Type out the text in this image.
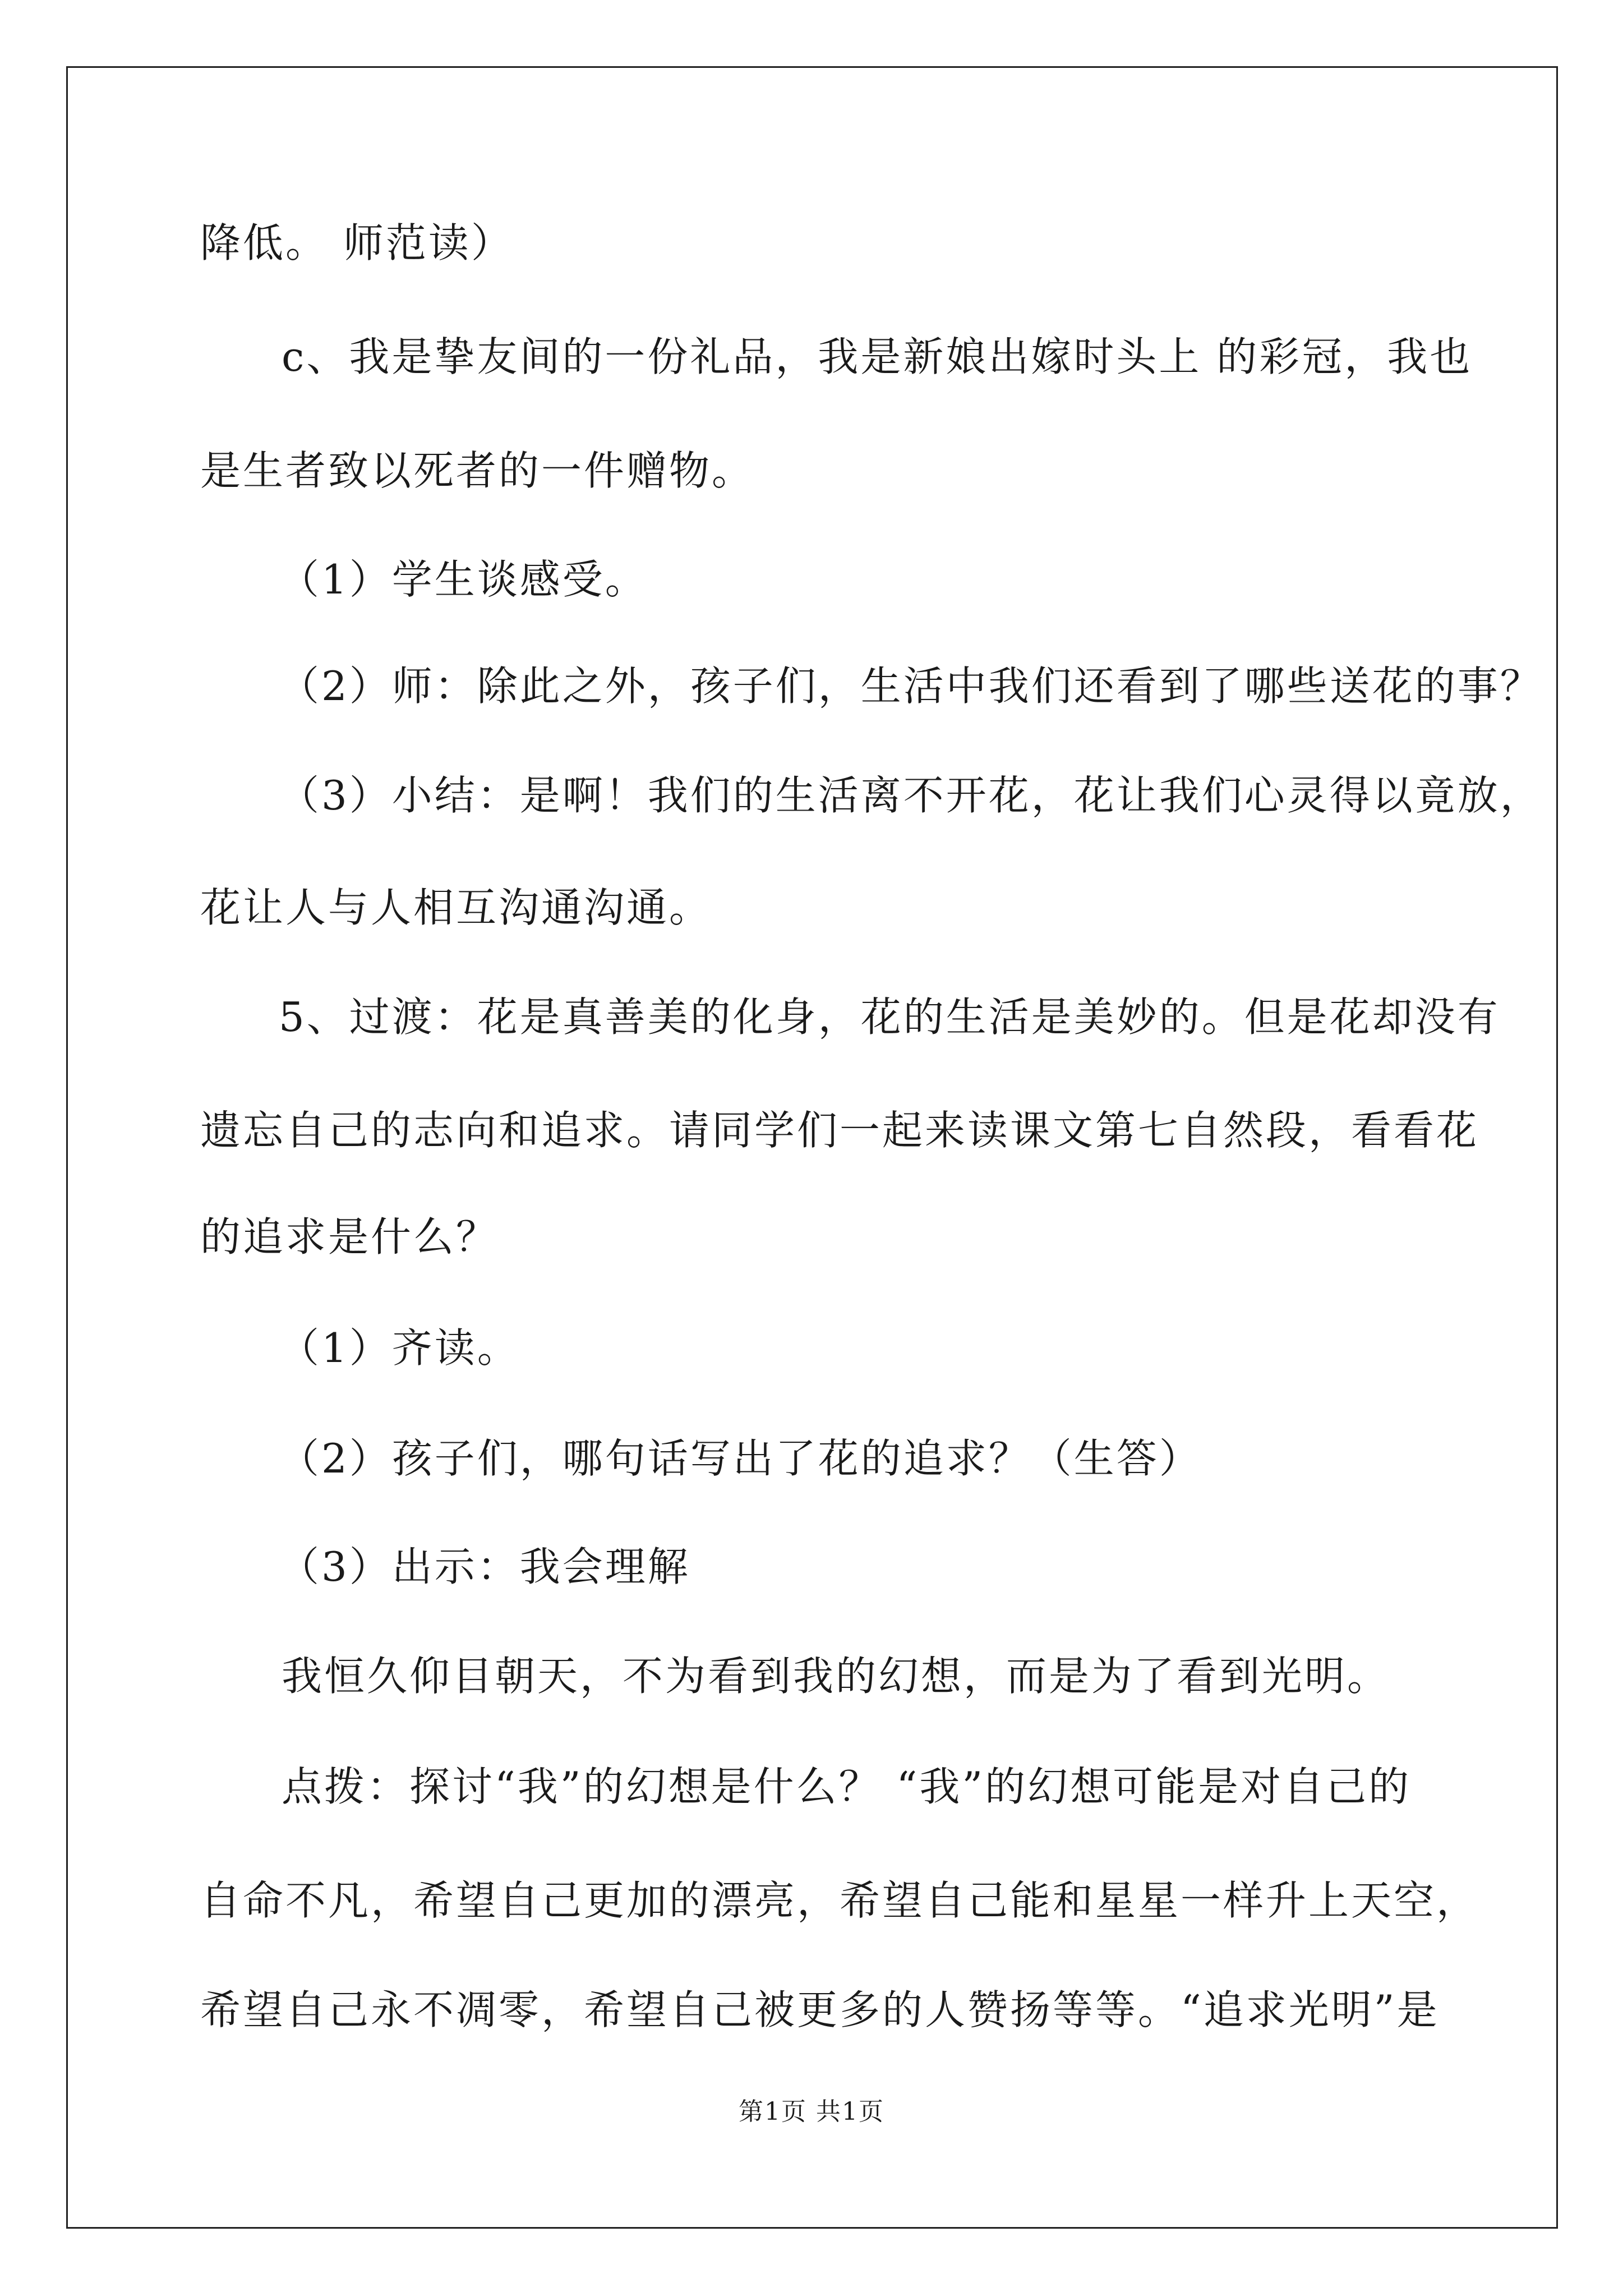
降低。 师范读）
c、我是挚友间的一份礼品，我是新娘出嫁时头上 的彩冠，我也
是生者致以死者的一件赠物。
（1）学生谈感受。
（2）师：除此之外，孩子们，生活中我们还看到了哪些送花的事？
（3）小结：是啊！我们的生活离不开花，花让我们心灵得以竟放，
花让人与人相互沟通沟通。
5、过渡：花是真善美的化身，花的生活是美妙的。但是花却没有
遗忘自己的志向和追求。请同学们一起来读课文第七自然段，看看花
的追求是什么？
（1）齐读。
（2）孩子们，哪句话写出了花的追求？（生答）
（3）出示：我会理解
我恒久仰目朝天，不为看到我的幻想，而是为了看到光明。
点拨：探讨“我”的幻想是什么？ “我”的幻想可能是对自己的
自命不凡，希望自己更加的漂亮，希望自己能和星星一样升上天空，
希望自己永不凋零，希望自己被更多的人赞扬等等。“追求光明”是
第1页 共1页
